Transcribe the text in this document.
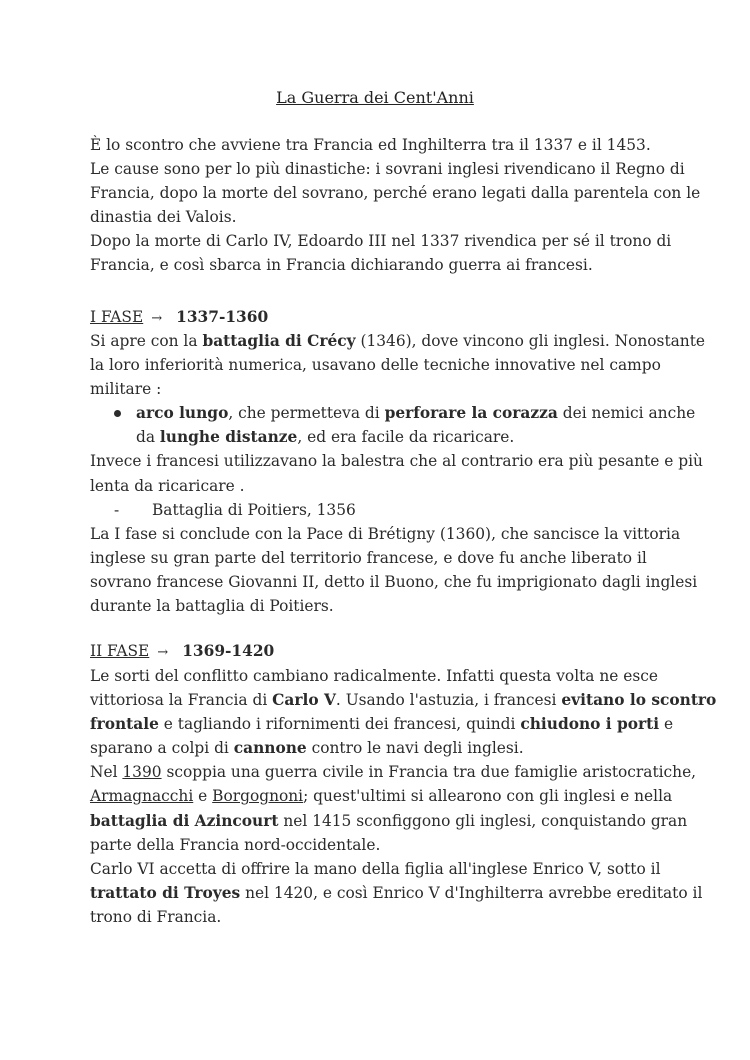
La Guerra dei Cent'Anni
È lo scontro che avviene tra Francia ed Inghilterra tra il 1337 e il 1453.
Le cause sono per lo più dinastiche: i sovrani inglesi rivendicano il Regno di
Francia, dopo la morte del sovrano, perché erano legati dalla parentela con le
dinastia dei Valois.
Dopo la morte di Carlo IV, Edoardo III nel 1337 rivendica per sé il trono di
Francia, e così sbarca in Francia dichiarando guerra ai francesi.
I FASE → 1337-1360
Si apre con la battaglia di Crécy (1346), dove vincono gli inglesi. Nonostante
la loro inferiorità numerica, usavano delle tecniche innovative nel campo
militare :
arco lungo, che permetteva di perforare la corazza dei nemici anche
da lunghe distanze, ed era facile da ricaricare.
Invece i francesi utilizzavano la balestra che al contrario era più pesante e più
lenta da ricaricare .
- Battaglia di Poitiers, 1356
La I fase si conclude con la Pace di Brétigny (1360), che sancisce la vittoria
inglese su gran parte del territorio francese, e dove fu anche liberato il
sovrano francese Giovanni II, detto il Buono, che fu imprigionato dagli inglesi
durante la battaglia di Poitiers.
II FASE → 1369-1420
Le sorti del conflitto cambiano radicalmente. Infatti questa volta ne esce
vittoriosa la Francia di Carlo V. Usando l'astuzia, i francesi evitano lo scontro
frontale e tagliando i rifornimenti dei francesi, quindi chiudono i porti e
sparano a colpi di cannone contro le navi degli inglesi.
Nel 1390 scoppia una guerra civile in Francia tra due famiglie aristocratiche,
Armagnacchi e Borgognoni; quest'ultimi si allearono con gli inglesi e nella
battaglia di Azincourt nel 1415 sconfiggono gli inglesi, conquistando gran
parte della Francia nord-occidentale.
Carlo VI accetta di offrire la mano della figlia all'inglese Enrico V, sotto il
trattato di Troyes nel 1420, e così Enrico V d'Inghilterra avrebbe ereditato il
trono di Francia.
